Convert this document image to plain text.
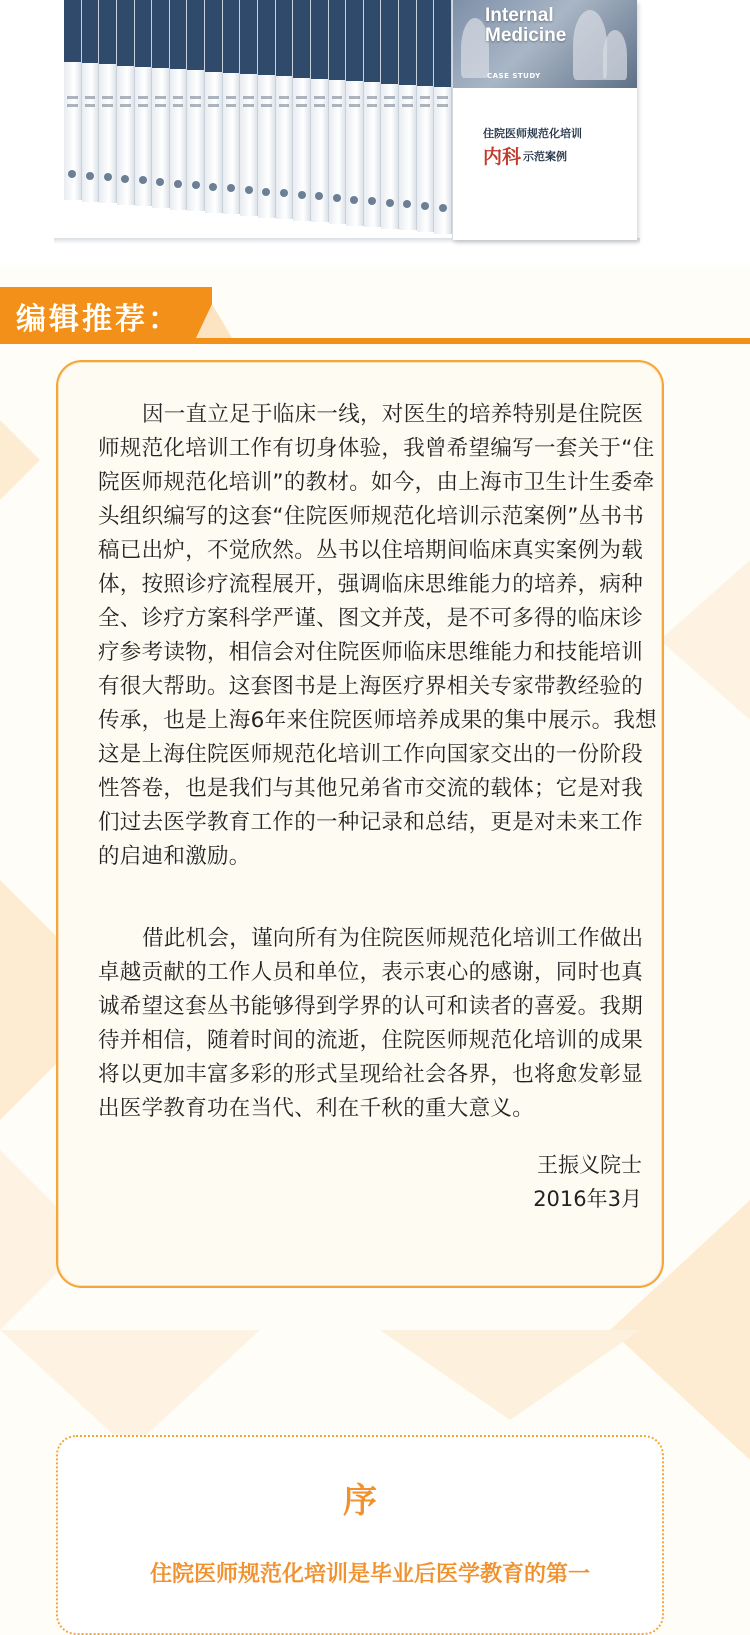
Internal
Medicine
CASE STUDY
住院医师规范化培训
内科 示范案例
编辑推荐：

因一直立足于临床一线，对医生的培养特别是住院医师规范化培训工作有切身体验，我曾希望编写一套关于“住院医师规范化培训”的教材。如今，由上海市卫生计生委牵头组织编写的这套“住院医师规范化培训示范案例”丛书书稿已出炉，不觉欣然。丛书以住培期间临床真实案例为载体，按照诊疗流程展开，强调临床思维能力的培养，病种全、诊疗方案科学严谨、图文并茂，是不可多得的临床诊疗参考读物，相信会对住院医师临床思维能力和技能培训有很大帮助。这套图书是上海医疗界相关专家带教经验的传承，也是上海6年来住院医师培养成果的集中展示。我想这是上海住院医师规范化培训工作向国家交出的一份阶段性答卷，也是我们与其他兄弟省市交流的载体；它是对我们过去医学教育工作的一种记录和总结，更是对未来工作的启迪和激励。

借此机会，谨向所有为住院医师规范化培训工作做出卓越贡献的工作人员和单位，表示衷心的感谢，同时也真诚希望这套丛书能够得到学界的认可和读者的喜爱。我期待并相信，随着时间的流逝，住院医师规范化培训的成果将以更加丰富多彩的形式呈现给社会各界，也将愈发彰显出医学教育功在当代、利在千秋的重大意义。

王振义院士
2016年3月
序
住院医师规范化培训是毕业后医学教育的第一
